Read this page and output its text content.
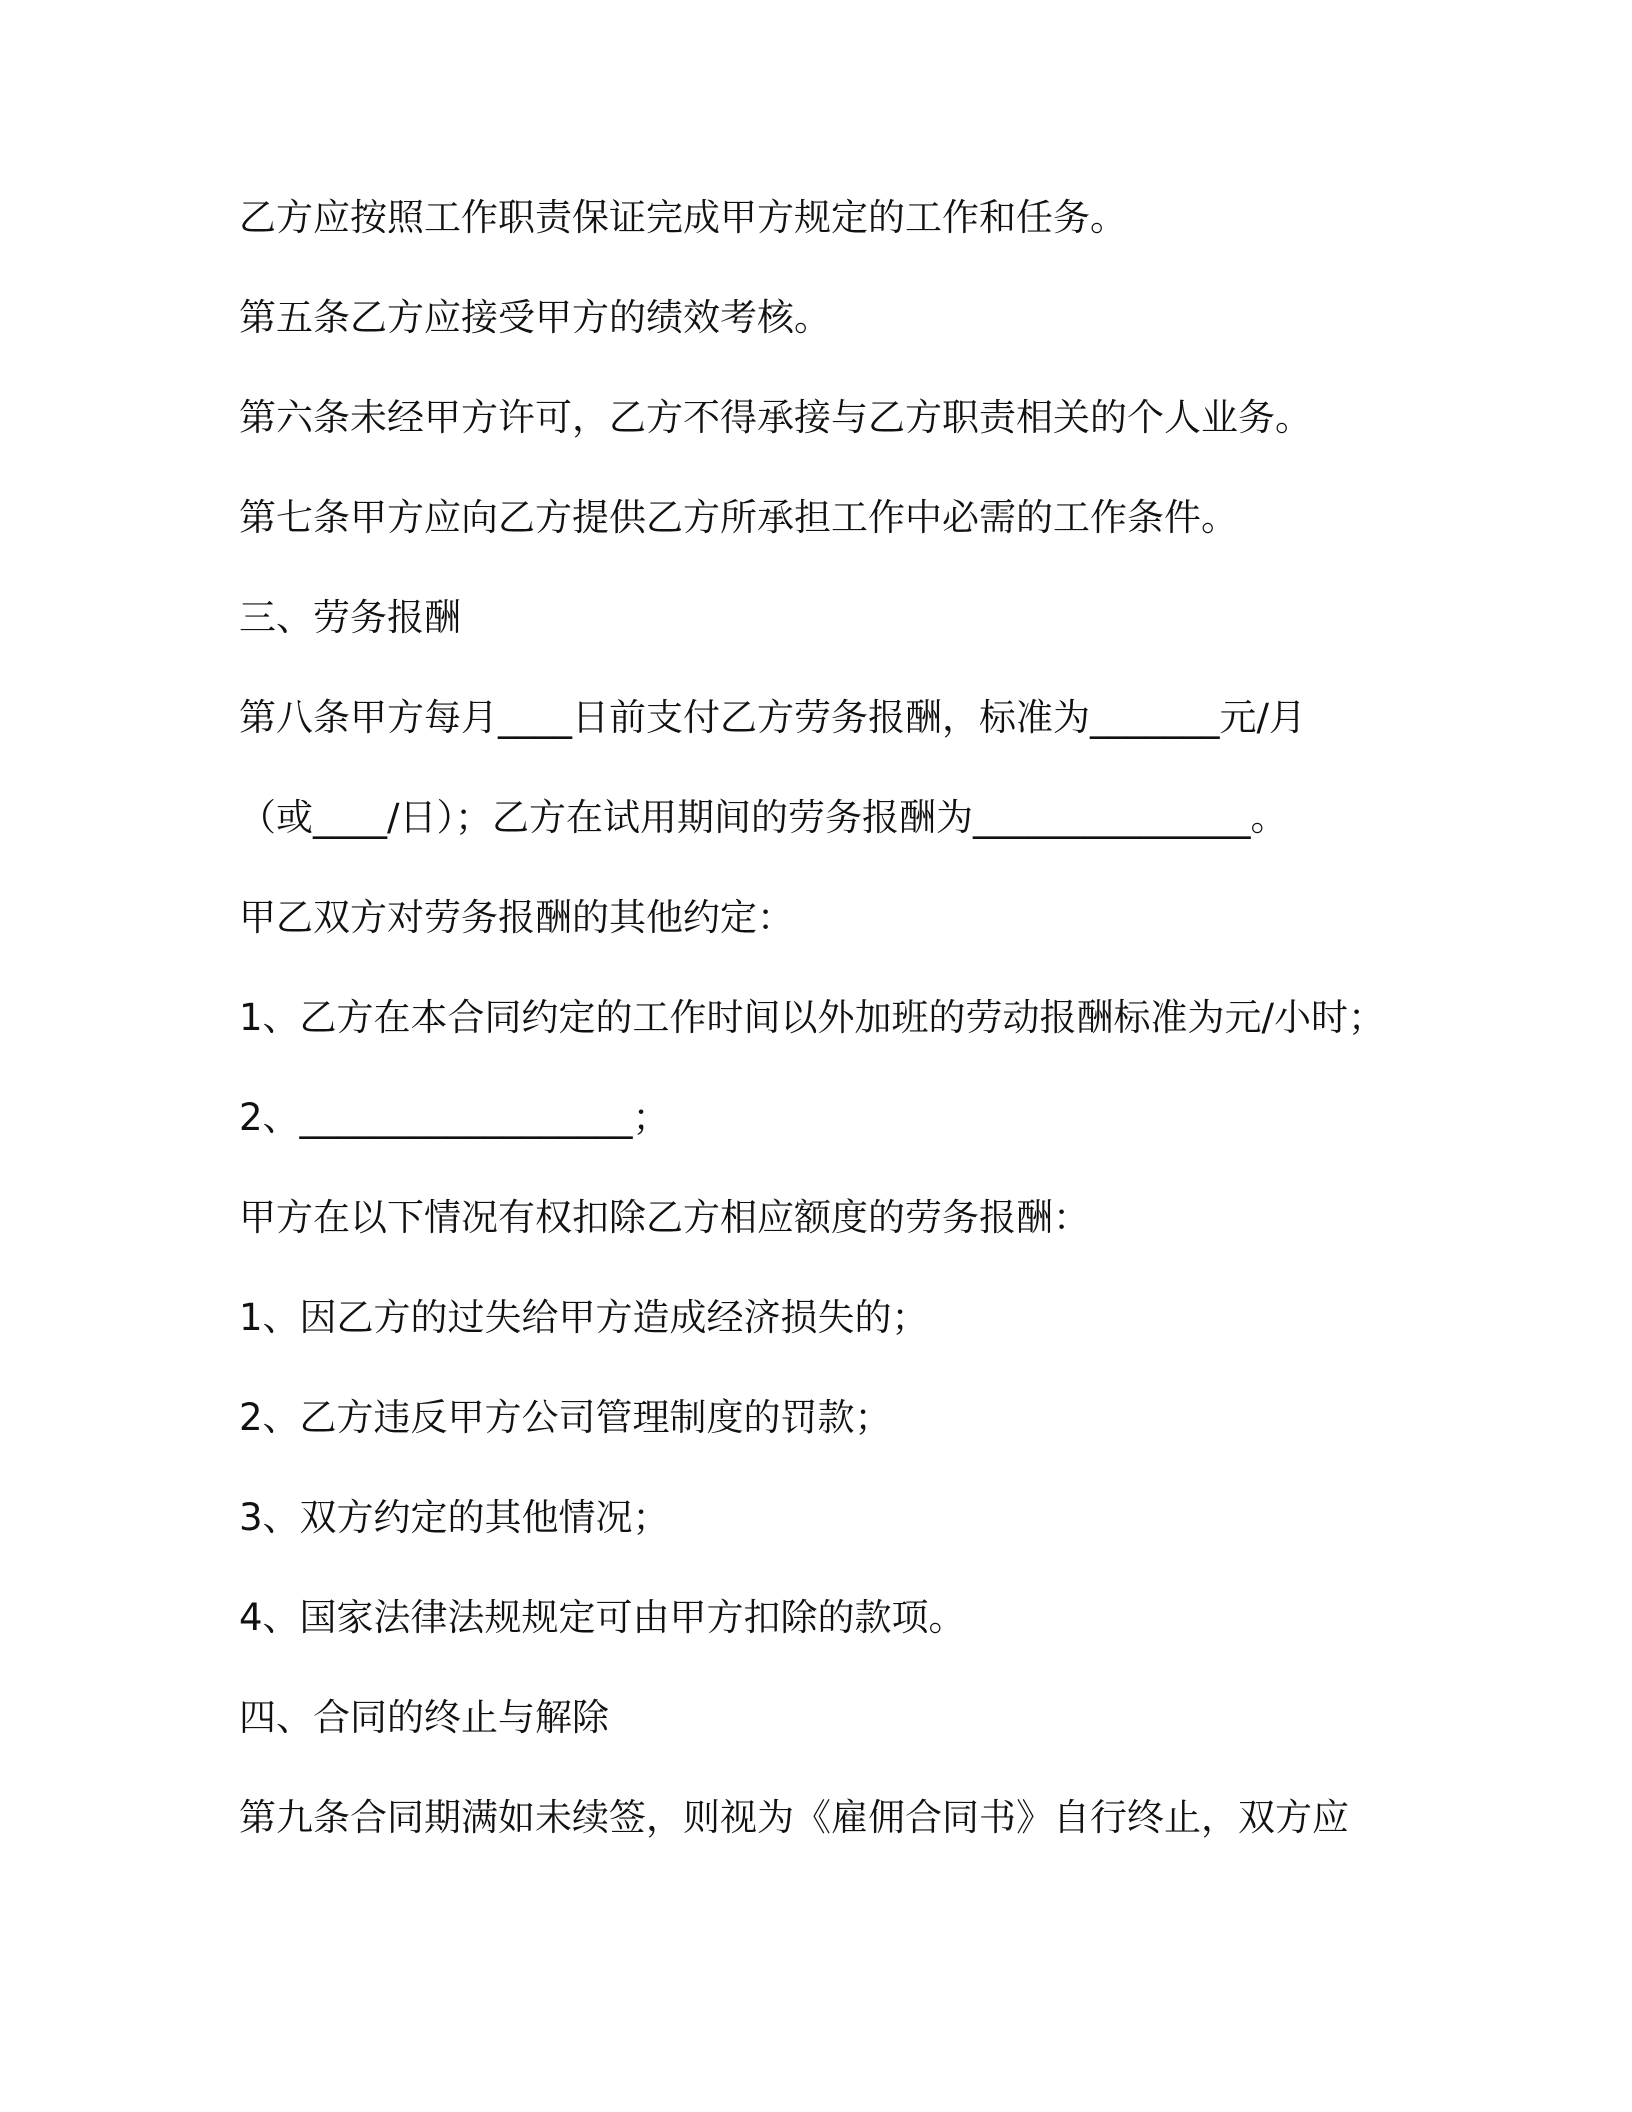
乙方应按照工作职责保证完成甲方规定的工作和任务。

第五条乙方应接受甲方的绩效考核。

第六条未经甲方许可，乙方不得承接与乙方职责相关的个人业务。

第七条甲方应向乙方提供乙方所承担工作中必需的工作条件。

三、劳务报酬

第八条甲方每月____日前支付乙方劳务报酬，标准为_______元/月

（或____/日）；乙方在试用期间的劳务报酬为_______________。

甲乙双方对劳务报酬的其他约定：

1、乙方在本合同约定的工作时间以外加班的劳动报酬标准为元/小时；

2、__________________；

甲方在以下情况有权扣除乙方相应额度的劳务报酬：

1、因乙方的过失给甲方造成经济损失的；

2、乙方违反甲方公司管理制度的罚款；

3、双方约定的其他情况；

4、国家法律法规规定可由甲方扣除的款项。

四、合同的终止与解除

第九条合同期满如未续签，则视为《雇佣合同书》自行终止，双方应
